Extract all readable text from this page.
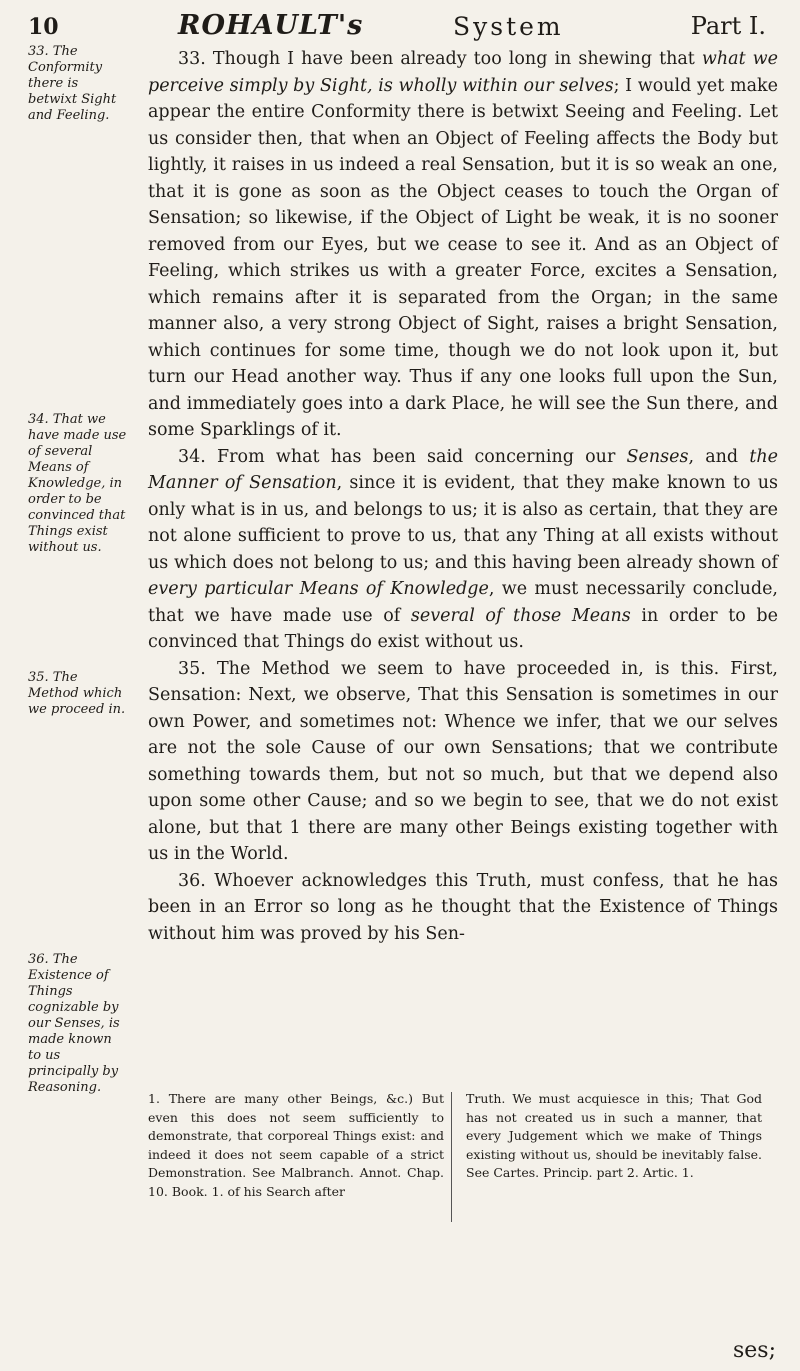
10	ROHAULT's	System	Part I.
33. The Conformity there is betwixt Sight and Feeling.
34. That we have made use of several Means of Knowledge, in order to be convinced that Things exist without us.
35. The Method which we proceed in.
36. The Existence of Things cognizable by our Senses, is made known to us principally by Reasoning.

33. Though I have been already too long in shewing that what we perceive simply by Sight, is wholly within our selves; I would yet make appear the entire Conformity there is betwixt Seeing and Feeling. Let us consider then, that when an Object of Feeling affects the Body but lightly, it raises in us indeed a real Sensation, but it is so weak an one, that it is gone as soon as the Object ceases to touch the Organ of Sensation; so likewise, if the Object of Light be weak, it is no sooner removed from our Eyes, but we cease to see it. And as an Object of Feeling, which strikes us with a greater Force, excites a Sensation, which remains after it is separated from the Organ; in the same manner also, a very strong Object of Sight, raises a bright Sensation, which continues for some time, though we do not look upon it, but turn our Head another way. Thus if any one looks full upon the Sun, and immediately goes into a dark Place, he will see the Sun there, and some Sparklings of it.

34. From what has been said concerning our Senses, and the Manner of Sensation, since it is evident, that they make known to us only what is in us, and belongs to us; it is also as certain, that they are not alone sufficient to prove to us, that any Thing at all exists without us which does not belong to us; and this having been already shown of every particular Means of Knowledge, we must necessarily conclude, that we have made use of several of those Means in order to be convinced that Things do exist without us.

35. The Method we seem to have proceeded in, is this. First, Sensation: Next, we observe, That this Sensation is sometimes in our own Power, and sometimes not: Whence we infer, that we our selves are not the sole Cause of our own Sensations; that we contribute something towards them, but not so much, but that we depend also upon some other Cause; and so we begin to see, that we do not exist alone, but that 1 there are many other Beings existing together with us in the World.

36. Whoever acknowledges this Truth, must confess, that he has been in an Error so long as he thought that the Existence of Things without him was proved by his Sen-

1. There are many other Beings, &c.) But even this does not seem sufficiently to demonstrate, that corporeal Things exist: and indeed it does not seem capable of a strict Demonstration. See Malbranch. Annot. Chap. 10. Book. 1. of his Search after
Truth. We must acquiesce in this; That God has not created us in such a manner, that every Judgement which we make of Things existing without us, should be inevitably false. See Cartes. Princip. part 2. Artic. 1.
ses;
